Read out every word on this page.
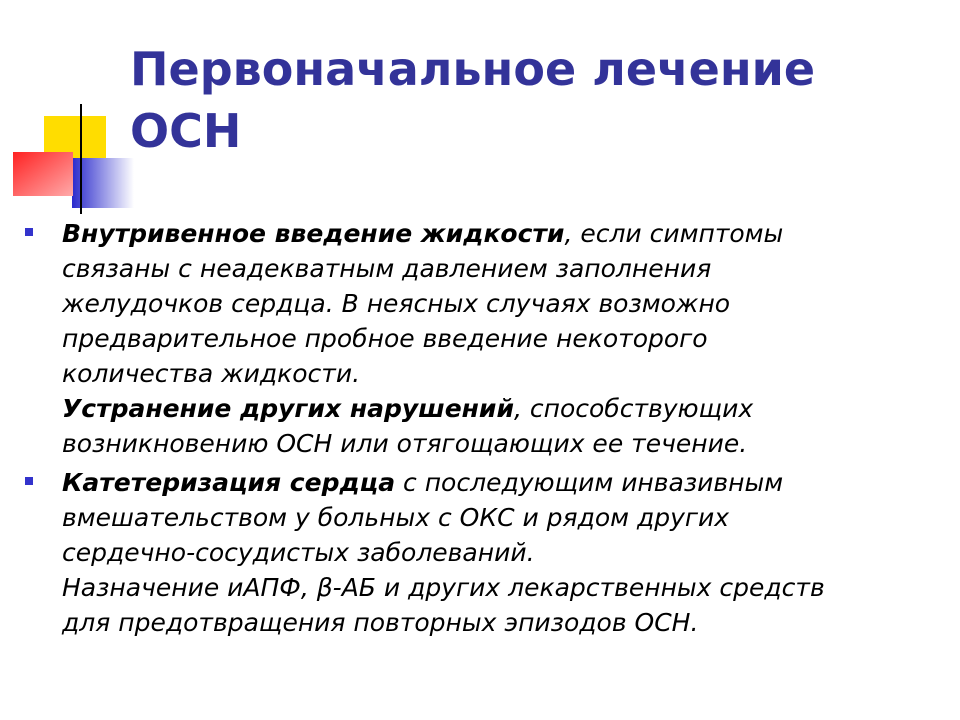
Первоначальное лечение
ОСН
Внутривенное введение жидкости, если симптомы
связаны с неадекватным давлением заполнения
желудочков сердца. В неясных случаях возможно
предварительное пробное введение некоторого
количества жидкости.
Устранение других нарушений, способствующих
возникновению ОСН или отягощающих ее течение.
Катетеризация сердца с последующим инвазивным
вмешательством у больных с ОКС и рядом других
сердечно-сосудистых заболеваний.
Назначение иАПФ, β-АБ и других лекарственных средств
для предотвращения повторных эпизодов ОСН.
